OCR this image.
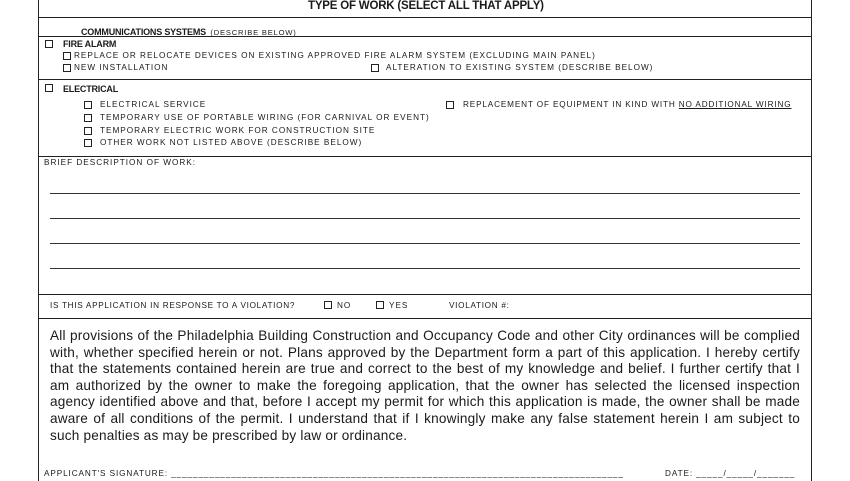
TYPE OF WORK (SELECT ALL THAT APPLY)
COMMUNICATIONS SYSTEMS (DESCRIBE BELOW)
FIRE ALARM
REPLACE OR RELOCATE DEVICES ON EXISTING APPROVED FIRE ALARM SYSTEM (EXCLUDING MAIN PANEL)
NEW INSTALLATION	ALTERATION TO EXISTING SYSTEM (DESCRIBE BELOW)
ELECTRICAL
ELECTRICAL SERVICE
TEMPORARY USE OF PORTABLE WIRING (FOR CARNIVAL OR EVENT)
TEMPORARY ELECTRIC WORK FOR CONSTRUCTION SITE
OTHER WORK NOT LISTED ABOVE (DESCRIBE BELOW)
REPLACEMENT OF EQUIPMENT IN KIND WITH NO ADDITIONAL WIRING
BRIEF DESCRIPTION OF WORK:
IS THIS APPLICATION IN RESPONSE TO A VIOLATION?	NO	YES	VIOLATION #:
All provisions of the Philadelphia Building Construction and Occupancy Code and other City ordinances will be complied with, whether specified herein or not. Plans approved by the Department form a part of this application. I hereby certify that the statements contained herein are true and correct to the best of my knowledge and belief. I further certify that I am authorized by the owner to make the foregoing application, that the owner has selected the licensed inspection agency identified above and that, before I accept my permit for which this application is made, the owner shall be made aware of all conditions of the permit. I understand that if I knowingly make any false statement herein I am subject to such penalties as may be prescribed by law or ordinance.
APPLICANT'S SIGNATURE: ___________________________________________________________________________________	DATE: _____/_____/_______
